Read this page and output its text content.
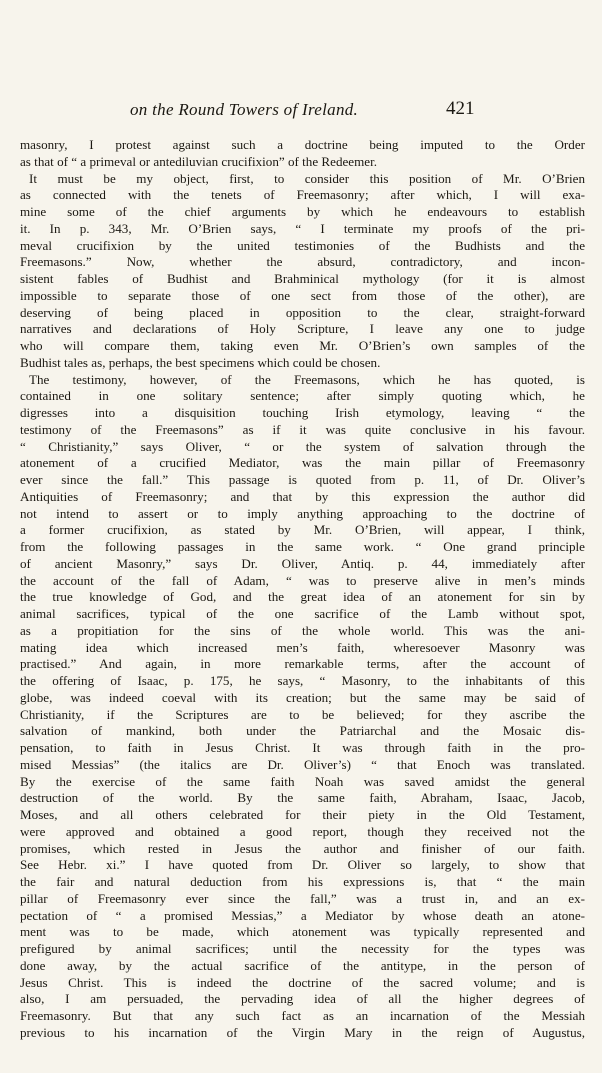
on the Round Towers of Ireland.	421
masonry, I protest against such a doctrine being imputed to the Order
as that of “ a primeval or antediluvian crucifixion” of the Redeemer.
It must be my object, first, to consider this position of Mr. O’Brien
as connected with the tenets of Freemasonry; after which, I will exa-
mine some of the chief arguments by which he endeavours to establish
it. In p. 343, Mr. O’Brien says, “ I terminate my proofs of the pri-
meval crucifixion by the united testimonies of the Budhists and the
Freemasons.” Now, whether the absurd, contradictory, and incon-
sistent fables of Budhist and Brahminical mythology (for it is almost
impossible to separate those of one sect from those of the other), are
deserving of being placed in opposition to the clear, straight-forward
narratives and declarations of Holy Scripture, I leave any one to judge
who will compare them, taking even Mr. O’Brien’s own samples of the
Budhist tales as, perhaps, the best specimens which could be chosen.
The testimony, however, of the Freemasons, which he has quoted, is
contained in one solitary sentence; after simply quoting which, he
digresses into a disquisition touching Irish etymology, leaving “ the
testimony of the Freemasons” as if it was quite conclusive in his favour.
“ Christianity,” says Oliver, “ or the system of salvation through the
atonement of a crucified Mediator, was the main pillar of Freemasonry
ever since the fall.” This passage is quoted from p. 11, of Dr. Oliver’s
Antiquities of Freemasonry; and that by this expression the author did
not intend to assert or to imply anything approaching to the doctrine of
a former crucifixion, as stated by Mr. O’Brien, will appear, I think,
from the following passages in the same work. “ One grand principle
of ancient Masonry,” says Dr. Oliver, Antiq. p. 44, immediately after
the account of the fall of Adam, “ was to preserve alive in men’s minds
the true knowledge of God, and the great idea of an atonement for sin by
animal sacrifices, typical of the one sacrifice of the Lamb without spot,
as a propitiation for the sins of the whole world. This was the ani-
mating idea which increased men’s faith, wheresoever Masonry was
practised.” And again, in more remarkable terms, after the account of
the offering of Isaac, p. 175, he says, “ Masonry, to the inhabitants of this
globe, was indeed coeval with its creation; but the same may be said of
Christianity, if the Scriptures are to be believed; for they ascribe the
salvation of mankind, both under the Patriarchal and the Mosaic dis-
pensation, to faith in Jesus Christ. It was through faith in the pro-
mised Messias” (the italics are Dr. Oliver’s) “ that Enoch was translated.
By the exercise of the same faith Noah was saved amidst the general
destruction of the world. By the same faith, Abraham, Isaac, Jacob,
Moses, and all others celebrated for their piety in the Old Testament,
were approved and obtained a good report, though they received not the
promises, which rested in Jesus the author and finisher of our faith.
See Hebr. xi.” I have quoted from Dr. Oliver so largely, to show that
the fair and natural deduction from his expressions is, that “ the main
pillar of Freemasonry ever since the fall,” was a trust in, and an ex-
pectation of “ a promised Messias,” a Mediator by whose death an atone-
ment was to be made, which atonement was typically represented and
prefigured by animal sacrifices; until the necessity for the types was
done away, by the actual sacrifice of the antitype, in the person of
Jesus Christ. This is indeed the doctrine of the sacred volume; and is
also, I am persuaded, the pervading idea of all the higher degrees of
Freemasonry. But that any such fact as an incarnation of the Messiah
previous to his incarnation of the Virgin Mary in the reign of Augustus,
